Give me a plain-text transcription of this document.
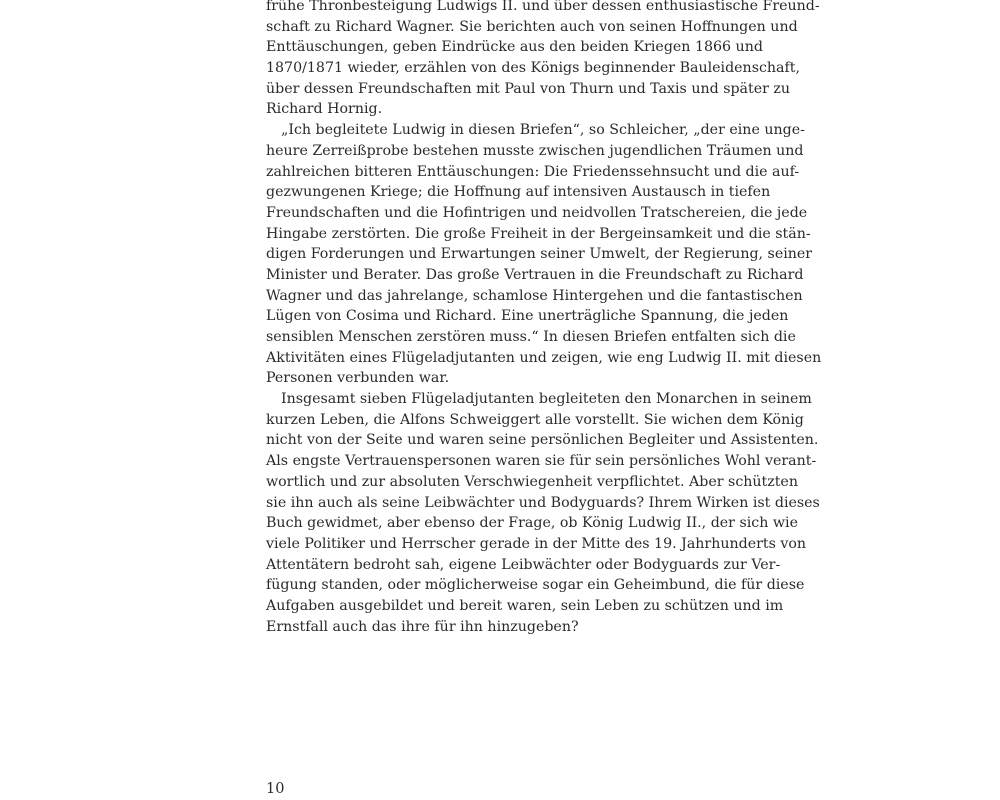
frühe Thronbesteigung Ludwigs II. und über dessen enthusiastische Freund-
schaft zu Richard Wagner. Sie berichten auch von seinen Hoffnungen und
Enttäuschungen, geben Eindrücke aus den beiden Kriegen 1866 und
1870/1871 wieder, erzählen von des Königs beginnender Bauleidenschaft,
über dessen Freundschaften mit Paul von Thurn und Taxis und später zu
Richard Hornig.
„Ich begleitete Ludwig in diesen Briefen“, so Schleicher, „der eine unge-
heure Zerreißprobe bestehen musste zwischen jugendlichen Träumen und
zahlreichen bitteren Enttäuschungen: Die Friedenssehnsucht und die auf-
gezwungenen Kriege; die Hoffnung auf intensiven Austausch in tiefen
Freundschaften und die Hofintrigen und neidvollen Tratschereien, die jede
Hingabe zerstörten. Die große Freiheit in der Bergeinsamkeit und die stän-
digen Forderungen und Erwartungen seiner Umwelt, der Regierung, seiner
Minister und Berater. Das große Vertrauen in die Freundschaft zu Richard
Wagner und das jahrelange, schamlose Hintergehen und die fantastischen
Lügen von Cosima und Richard. Eine unerträgliche Spannung, die jeden
sensiblen Menschen zerstören muss.“ In diesen Briefen entfalten sich die
Aktivitäten eines Flügeladjutanten und zeigen, wie eng Ludwig II. mit diesen
Personen verbunden war.
Insgesamt sieben Flügeladjutanten begleiteten den Monarchen in seinem
kurzen Leben, die Alfons Schweiggert alle vorstellt. Sie wichen dem König
nicht von der Seite und waren seine persönlichen Begleiter und Assistenten.
Als engste Vertrauenspersonen waren sie für sein persönliches Wohl verant-
wortlich und zur absoluten Verschwiegenheit verpflichtet. Aber schützten
sie ihn auch als seine Leibwächter und Bodyguards? Ihrem Wirken ist dieses
Buch gewidmet, aber ebenso der Frage, ob König Ludwig II., der sich wie
viele Politiker und Herrscher gerade in der Mitte des 19. Jahrhunderts von
Attentätern bedroht sah, eigene Leibwächter oder Bodyguards zur Ver-
fügung standen, oder möglicherweise sogar ein Geheimbund, die für diese
Aufgaben ausgebildet und bereit waren, sein Leben zu schützen und im
Ernstfall auch das ihre für ihn hinzugeben?
10
